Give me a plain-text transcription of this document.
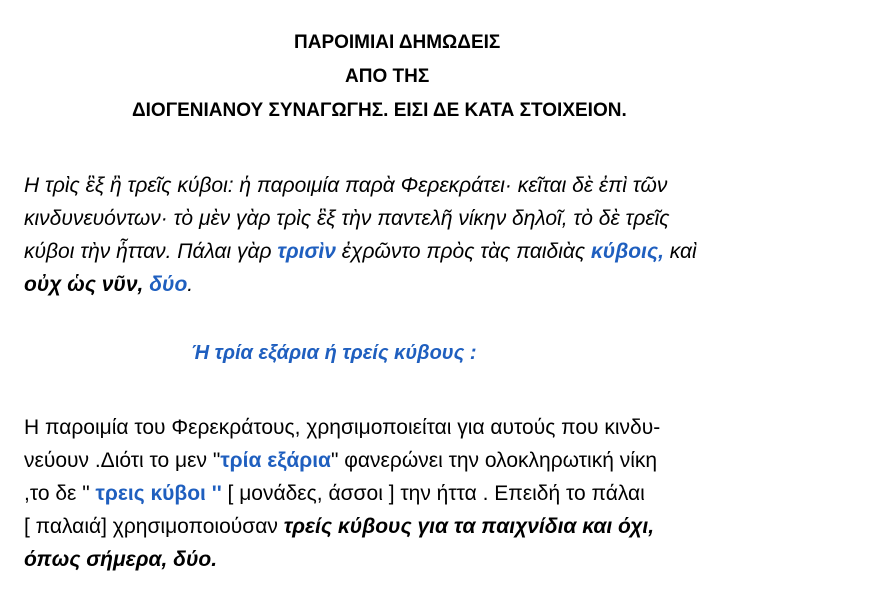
ΠΑΡΟΙΜΙΑΙ ΔΗΜΩΔΕΙΣ
ΑΠΟ ΤΗΣ
ΔΙΟΓΕΝΙΑΝΟΥ ΣΥΝΑΓΩΓΗΣ. ΕΙΣΙ ΔΕ ΚΑΤΑ ΣΤΟΙΧΕΙΟΝ.
Η τρὶς ἓξ ἢ τρεῖς κύβοι: ἡ παροιμία παρὰ Φερεκράτει· κεῖται δὲ ἐπὶ τῶν
κινδυνευόντων· τὸ μὲν γὰρ τρὶς ἓξ τὴν παντελῆ νίκην δηλοῖ, τὸ δὲ τρεῖς
κύβοι τὴν ἧτταν. Πάλαι γὰρ τρισὶν ἐχρῶντο πρὸς τὰς παιδιὰς κύβοις, καὶ
οὐχ ὡς νῦν, δύο.
Ή τρία εξάρια ή τρείς κύβους :
Η παροιμία του Φερεκράτους, χρησιμοποιείται για αυτούς που κινδυ-
νεύουν .Διότι το μεν "τρία εξάρια" φανερώνει την ολοκληρωτική νίκη
,το δε " τρεις κύβοι '' [ μονάδες, άσσοι ] την ήττα . Επειδή το πάλαι
[ παλαιά] χρησιμοποιούσαν τρείς κύβους για τα παιχνίδια και όχι,
όπως σήμερα, δύο.
